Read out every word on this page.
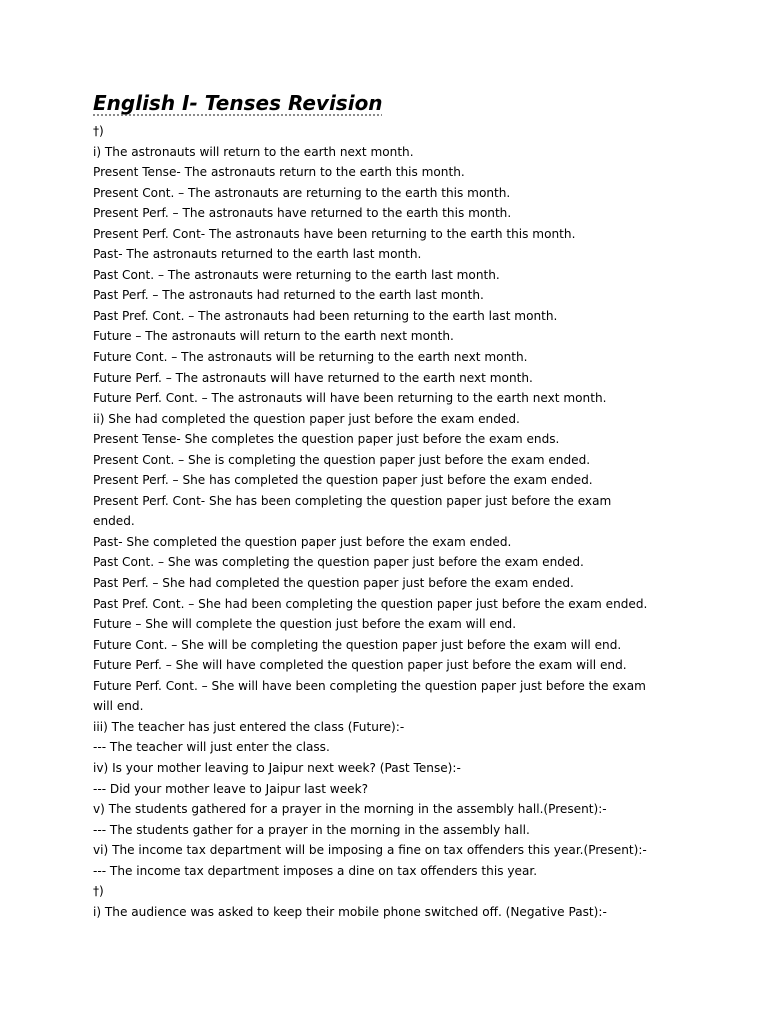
English I- Tenses Revision
†)
i) The astronauts will return to the earth next month.
Present Tense- The astronauts return to the earth this month.
Present Cont. – The astronauts are returning to the earth this month.
Present Perf. – The astronauts have returned to the earth this month.
Present Perf. Cont- The astronauts have been returning to the earth this month.
Past- The astronauts returned to the earth last month.
Past Cont. – The astronauts were returning to the earth last month.
Past Perf. – The astronauts had returned to the earth last month.
Past Pref. Cont. – The astronauts had been returning to the earth last month.
Future – The astronauts will return to the earth next month.
Future Cont. – The astronauts will be returning to the earth next month.
Future Perf. – The astronauts will have returned to the earth next month.
Future Perf. Cont. – The astronauts will have been returning to the earth next month.
ii) She had completed the question paper just before the exam ended.
Present Tense- She completes the question paper just before the exam ends.
Present Cont. – She is completing the question paper just before the exam ended.
Present Perf. – She has completed the question paper just before the exam ended.
Present Perf. Cont- She has been completing the question paper just before the exam
ended.
Past- She completed the question paper just before the exam ended.
Past Cont. – She was completing the question paper just before the exam ended.
Past Perf. – She had completed the question paper just before the exam ended.
Past Pref. Cont. – She had been completing the question paper just before the exam ended.
Future – She will complete the question just before the exam will end.
Future Cont. – She will be completing the question paper just before the exam will end.
Future Perf. – She will have completed the question paper just before the exam will end.
Future Perf. Cont. – She will have been completing the question paper just before the exam
will end.
iii) The teacher has just entered the class (Future):-
--- The teacher will just enter the class.
iv) Is your mother leaving to Jaipur next week? (Past Tense):-
--- Did your mother leave to Jaipur last week?
v) The students gathered for a prayer in the morning in the assembly hall.(Present):-
--- The students gather for a prayer in the morning in the assembly hall.
vi) The income tax department will be imposing a fine on tax offenders this year.(Present):-
--- The income tax department imposes a dine on tax offenders this year.
†)
i) The audience was asked to keep their mobile phone switched off. (Negative Past):-
